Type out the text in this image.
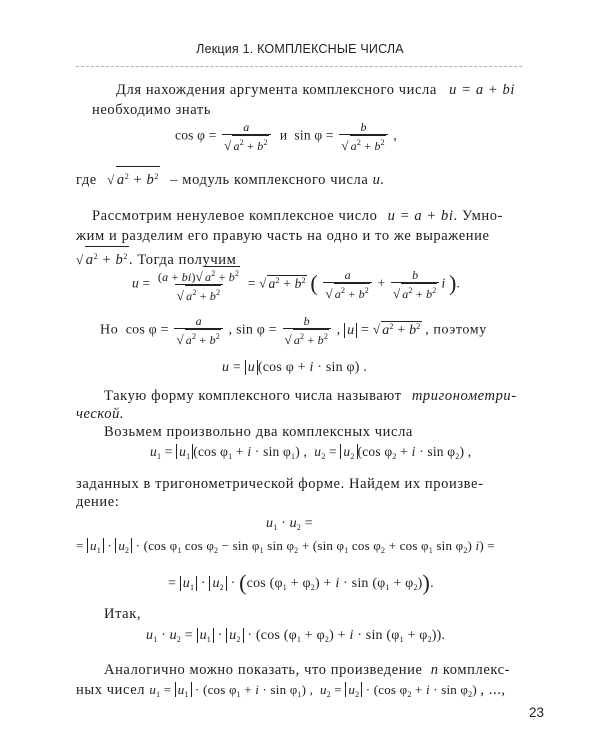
Лекция 1. КОМПЛЕКСНЫЕ ЧИСЛА
Для нахождения аргумента комплексного числа u = a + bi
необходимо знать
$\cos \varphi = \frac{a}{√ a^2 + b^2}$ и  $\sin \varphi = \frac{b}{√ a^2 + b^2}$ ,
где √ $a^2 + b^2$ – модуль комплексного числа u.
Рассмотрим ненулевое комплексное число u = a + bi. Умно-
жим и разделим его правую часть на одно и то же выражение
√ $a^2 + b^2$. Тогда получим
$u = \frac{(a + bi)√ a^2 + b^2}{√ a^2 + b^2}$ = √ $a^2 + b^2$ ( $\frac{a}{√ a^2 + b^2} + \frac{b}{√ a^2 + b^2}$ i ).
Но  $\cos \varphi = \frac{a}{√ a^2 + b^2}$ , $\sin \varphi = \frac{b}{√ a^2 + b^2}$ , u = √ $a^2 + b^2$ , поэтому
u = u (cos φ + i · sin φ) .
Такую форму комплексного числа называют тригонометри-
ческой.
Возьмем произвольно два комплексных числа
$u_1 = u_1$ (cos $\varphi_1 + i \cdot \sin \varphi_1$) ,  $u_2 = u_2$ (cos $\varphi_2 + i \cdot \sin \varphi_2$) ,
заданных в тригонометрической форме. Найдем их произве-
дение:
$u_1 \cdot u_2$ =
= $u_1 \cdot u_2 \cdot (\cos$ $\varphi_1$ $\cos \varphi_2 - \sin \varphi_1$ $\sin \varphi_2 + (\sin$ $\varphi_1$ $\cos \varphi_2 + \cos \varphi_1$ $\sin \varphi_2$) i) =
= $u_1 \cdot u_2 \cdot (\cos$ $(\varphi_1 + \varphi_2) + i \cdot \sin (\varphi_1 + \varphi_2)$).
Итак,
$u_1 \cdot u_2 = u_1 \cdot u_2 \cdot (\cos$ $(\varphi_1 + \varphi_2) + i \cdot \sin (\varphi_1 + \varphi_2)$).
Аналогично можно показать, что произведение n комплекс-
ных чисел $u_1 = u_1 \cdot (\cos$ $\varphi_1 + i \cdot \sin \varphi_1$) ,  $u_2 = u_2 \cdot (\cos$ $\varphi_2 + i \cdot \sin \varphi_2$) , ...,
23
